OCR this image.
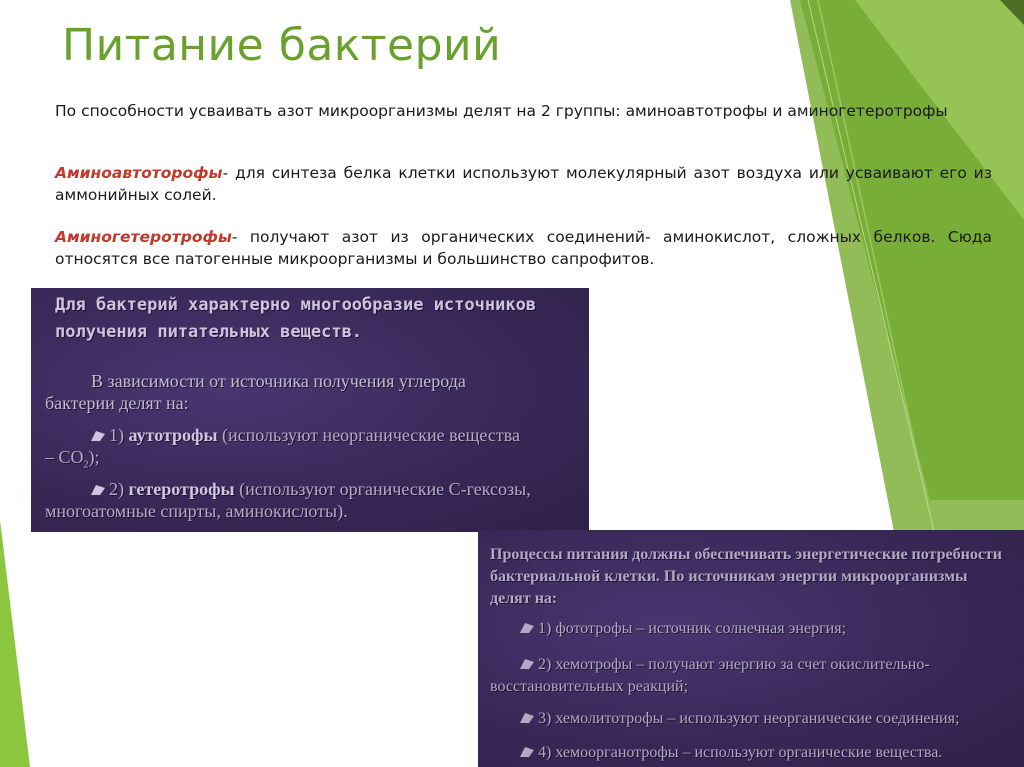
Питание бактерий
По способности усваивать азот микроорганизмы делят на 2 группы: аминоавтотрофы и аминогетеротрофы
Аминоавтоторофы- для синтеза белка клетки используют молекулярный азот воздуха или усваивают его из аммонийных солей.
Аминогетеротрофы- получают азот из органических соединений- аминокислот, сложных белков. Сюда относятся все патогенные микроорганизмы и большинство сапрофитов.
Для бактерий характерно многообразие источников получения питательных веществ.
В зависимости от источника получения углерода
бактерии делят на:
1) аутотрофы (используют неорганические вещества
– $CO_2$);
2) гетеротрофы (используют органические С-гексозы,
многоатомные спирты, аминокислоты).
Процессы питания должны обеспечивать энергетические потребности бактериальной клетки. По источникам энергии микроорганизмы делят на:
1) фототрофы – источник солнечная энергия;
2) хемотрофы – получают энергию за счет окислительно-восстановительных реакций;
3) хемолитотрофы – используют неорганические соединения;
4) хемоорганотрофы – используют органические вещества.
